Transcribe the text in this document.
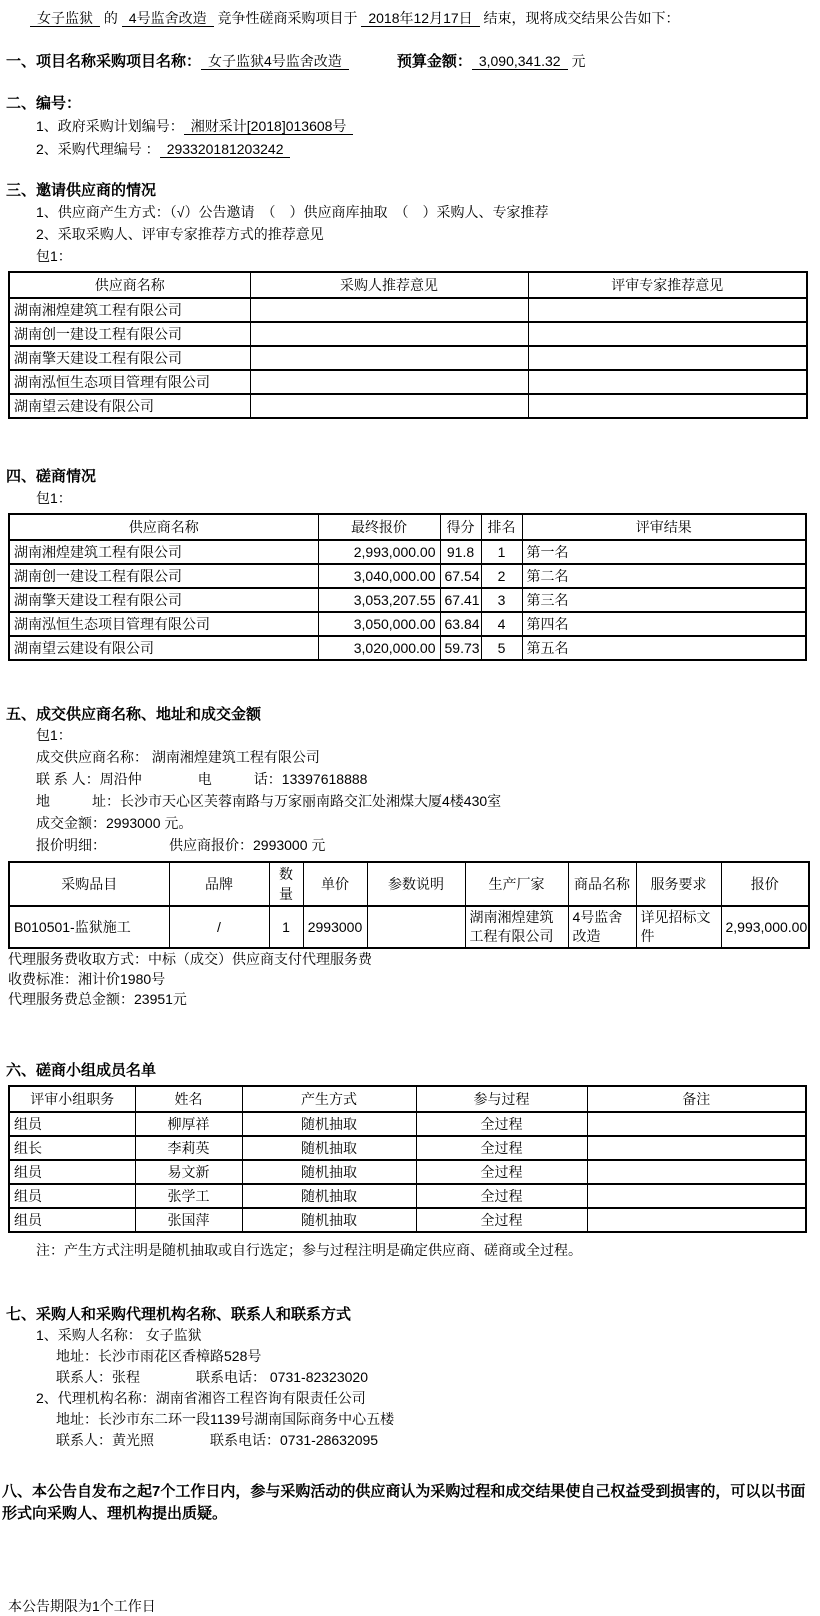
女子监狱 的 4号监舍改造 竞争性磋商采购项目于 2018年12月17日 结束，现将成交结果公告如下：

一、项目名称采购项目名称： 女子监狱4号监舍改造	预算金额： 3,090,341.32 元
二、编号：
1、政府采购计划编号： 湘财采计[2018]013608号
2、采购代理编号 ： 293320181203242
三、邀请供应商的情况
1、供应商产生方式：（√）公告邀请　（　）供应商库抽取　（　）采购人、专家推荐
2、采取采购人、评审专家推荐方式的推荐意见
包1：
供应商名称	采购人推荐意见	评审专家推荐意见
湖南湘煌建筑工程有限公司		
湖南创一建设工程有限公司		
湖南擎天建设工程有限公司		
湖南泓恒生态项目管理有限公司		
湖南望云建设有限公司		
四、磋商情况
包1：
供应商名称	最终报价	得分	排名	评审结果
湖南湘煌建筑工程有限公司	2,993,000.00	91.8	1	第一名
湖南创一建设工程有限公司	3,040,000.00	67.54	2	第二名
湖南擎天建设工程有限公司	3,053,207.55	67.41	3	第三名
湖南泓恒生态项目管理有限公司	3,050,000.00	63.84	4	第四名
湖南望云建设有限公司	3,020,000.00	59.73	5	第五名
五、成交供应商名称、地址和成交金额
包1：
成交供应商名称： 湖南湘煌建筑工程有限公司
联 系 人：周沿仲　　　　电　　　话：13397618888
地　　　址：长沙市天心区芙蓉南路与万家丽南路交汇处湘煤大厦4楼430室
成交金额：2993000 元。
报价明细：　　　　　供应商报价：2993000 元
采购品目	品牌	数量	单价	参数说明	生产厂家	商品名称	服务要求	报价
B010501-监狱施工	/	1	2993000		湖南湘煌建筑工程有限公司	4号监舍改造	详见招标文件	2,993,000.00
代理服务费收取方式：中标（成交）供应商支付代理服务费
收费标准：湘计价1980号
代理服务费总金额：23951元
六、磋商小组成员名单
评审小组职务	姓名	产生方式	参与过程	备注
组员	柳厚祥	随机抽取	全过程	
组长	李莉英	随机抽取	全过程	
组员	易文新	随机抽取	全过程	
组员	张学工	随机抽取	全过程	
组员	张国萍	随机抽取	全过程	
注：产生方式注明是随机抽取或自行选定；参与过程注明是确定供应商、磋商或全过程。
七、采购人和采购代理机构名称、联系人和联系方式
1、采购人名称： 女子监狱
地址：长沙市雨花区香樟路528号
联系人：张程　　　　联系电话： 0731-82323020
2、代理机构名称：湖南省湘咨工程咨询有限责任公司
地址：长沙市东二环一段1139号湖南国际商务中心五楼
联系人：黄光照　　　　联系电话：0731-28632095
八、本公告自发布之起7个工作日内，参与采购活动的供应商认为采购过程和成交结果使自己权益受到损害的，可以以书面形式向采购人、理机构提出质疑。
本公告期限为1个工作日
